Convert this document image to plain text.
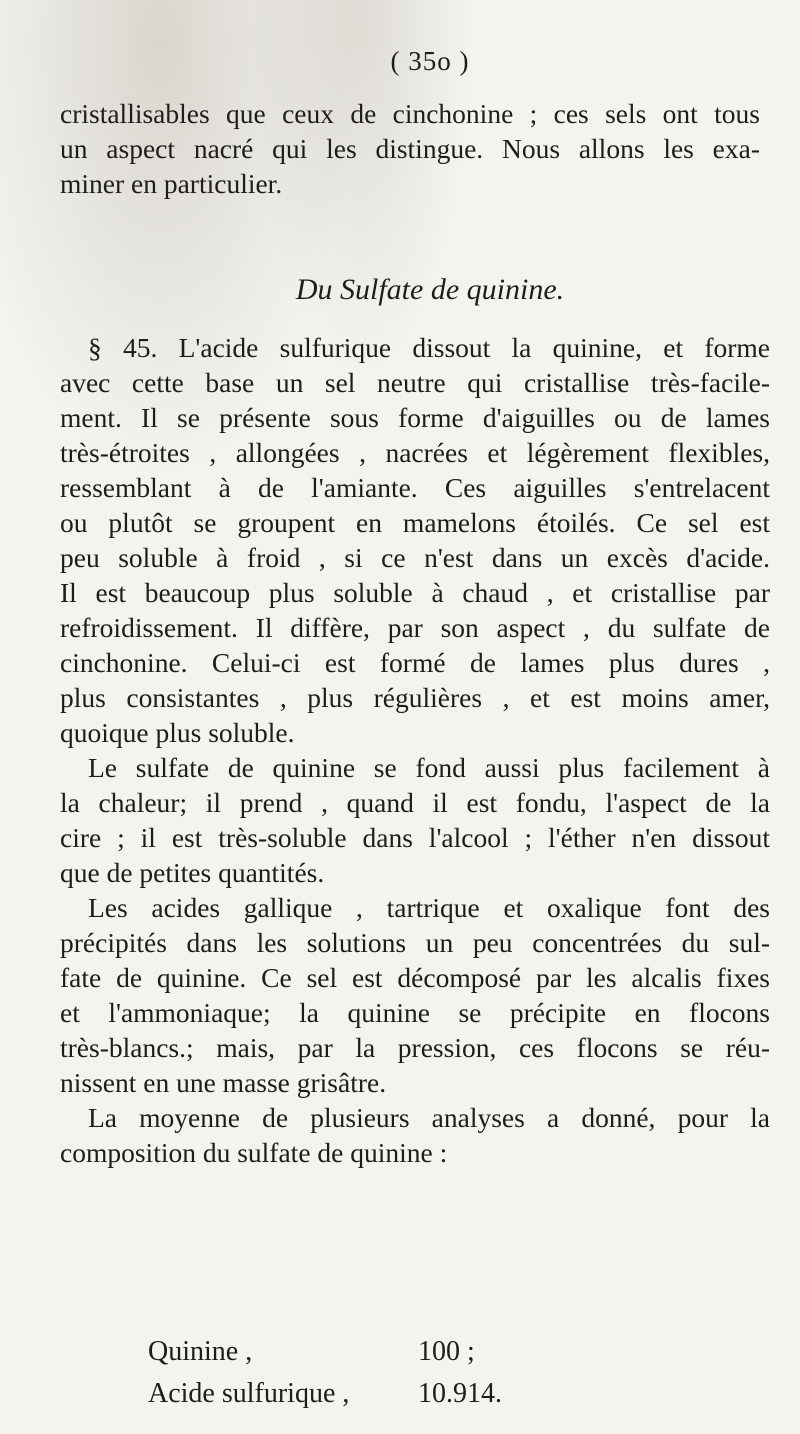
( 35o )
cristallisables que ceux de cinchonine ; ces sels ont tous
un aspect nacré qui les distingue. Nous allons les exa-
miner en particulier.
Du Sulfate de quinine.
§ 45. L'acide sulfurique dissout la quinine, et forme
avec cette base un sel neutre qui cristallise très-facile-
ment. Il se présente sous forme d'aiguilles ou de lames
très-étroites , allongées , nacrées et légèrement flexibles,
ressemblant à de l'amiante. Ces aiguilles s'entrelacent
ou plutôt se groupent en mamelons étoilés. Ce sel est
peu soluble à froid , si ce n'est dans un excès d'acide.
Il est beaucoup plus soluble à chaud , et cristallise par
refroidissement. Il diffère, par son aspect , du sulfate de
cinchonine. Celui-ci est formé de lames plus dures ,
plus consistantes , plus régulières , et est moins amer,
quoique plus soluble.
Le sulfate de quinine se fond aussi plus facilement à
la chaleur; il prend , quand il est fondu, l'aspect de la
cire ; il est très-soluble dans l'alcool ; l'éther n'en dissout
que de petites quantités.
Les acides gallique , tartrique et oxalique font des
précipités dans les solutions un peu concentrées du sul-
fate de quinine. Ce sel est décomposé par les alcalis fixes
et l'ammoniaque; la quinine se précipite en flocons
très-blancs.; mais, par la pression, ces flocons se réu-
nissent en une masse grisâtre.
La moyenne de plusieurs analyses a donné, pour la
composition du sulfate de quinine :
Quinine ,	100 ;
Acide sulfurique ,	10.914.
